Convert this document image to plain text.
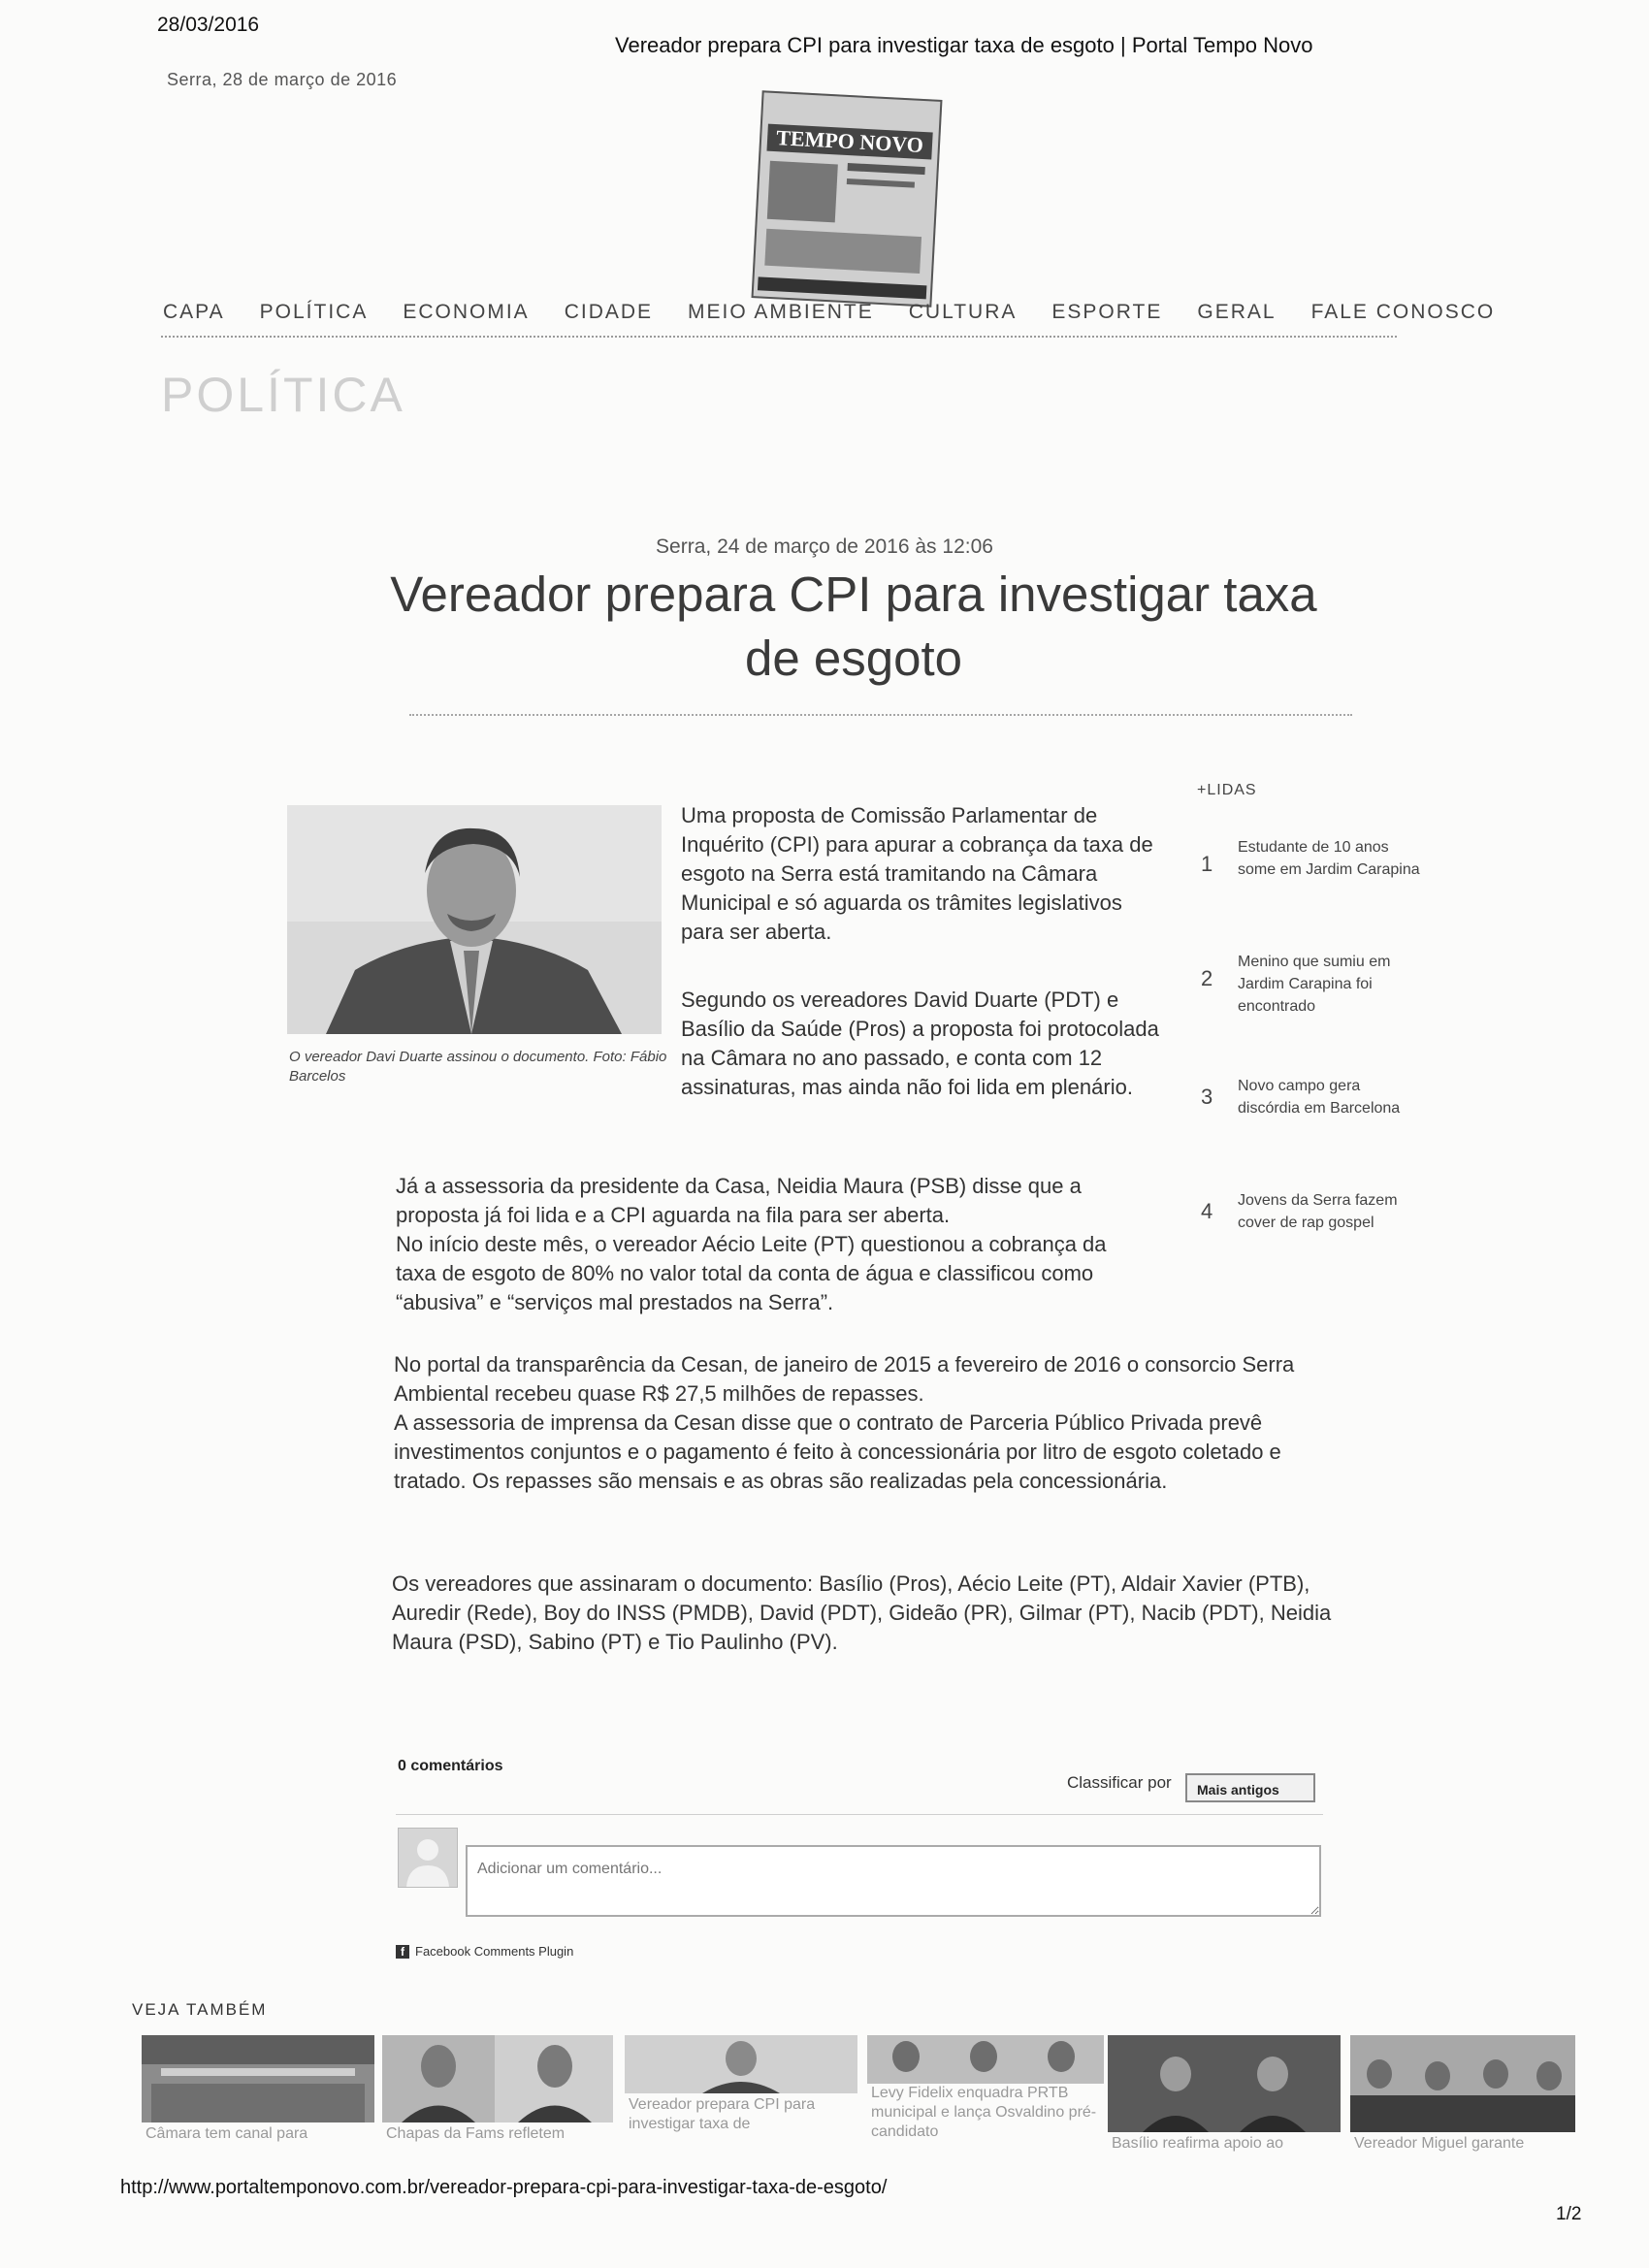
28/03/2016
Vereador prepara CPI para investigar taxa de esgoto | Portal Tempo Novo
Serra, 28 de março de 2016
TEMPO NOVO
CAPA POLÍTICA ECONOMIA CIDADE MEIO AMBIENTE CULTURA ESPORTE GERAL FALE CONOSCO
POLÍTICA
Serra, 24 de março de 2016 às 12:06
Vereador prepara CPI para investigar taxa de esgoto
O vereador Davi Duarte assinou o documento. Foto: Fábio Barcelos

Uma proposta de Comissão Parlamentar de Inquérito (CPI) para apurar a cobrança da taxa de esgoto na Serra está tramitando na Câmara Municipal e só aguarda os trâmites legislativos para ser aberta.

Segundo os vereadores David Duarte (PDT) e Basílio da Saúde (Pros) a proposta foi protocolada na Câmara no ano passado, e conta com 12 assinaturas, mas ainda não foi lida em plenário.

Já a assessoria da presidente da Casa, Neidia Maura (PSB) disse que a proposta já foi lida e a CPI aguarda na fila para ser aberta.
No início deste mês, o vereador Aécio Leite (PT) questionou a cobrança da taxa de esgoto de 80% no valor total da conta de água e classificou como “abusiva” e “serviços mal prestados na Serra”.

No portal da transparência da Cesan, de janeiro de 2015 a fevereiro de 2016 o consorcio Serra Ambiental recebeu quase R$ 27,5 milhões de repasses.
A assessoria de imprensa da Cesan disse que o contrato de Parceria Público Privada prevê investimentos conjuntos e o pagamento é feito à concessionária por litro de esgoto coletado e tratado. Os repasses são mensais e as obras são realizadas pela concessionária.

Os vereadores que assinaram o documento: Basílio (Pros), Aécio Leite (PT), Aldair Xavier (PTB), Auredir (Rede), Boy do INSS (PMDB), David (PDT), Gideão (PR), Gilmar (PT), Nacib (PDT), Neidia Maura (PSD), Sabino (PT) e Tio Paulinho (PV).

+LIDAS
1
Estudante de 10 anos some em Jardim Carapina
2
Menino que sumiu em Jardim Carapina foi encontrado
3 Novo campo gera discórdia em Barcelona
4 Jovens da Serra fazem cover de rap gospel
0 comentários
Classificar por	Mais antigos
Adicionar um comentário...
f Facebook Comments Plugin
VEJA TAMBÉM
Câmara tem canal para	Chapas da Fams refletem
Vereador prepara CPI para investigar taxa de
Levy Fidelix enquadra PRTB municipal e lança Osvaldino pré-candidato
Basílio reafirma apoio ao	Vereador Miguel garante
http://www.portaltemponovo.com.br/vereador-prepara-cpi-para-investigar-taxa-de-esgoto/
1/2
